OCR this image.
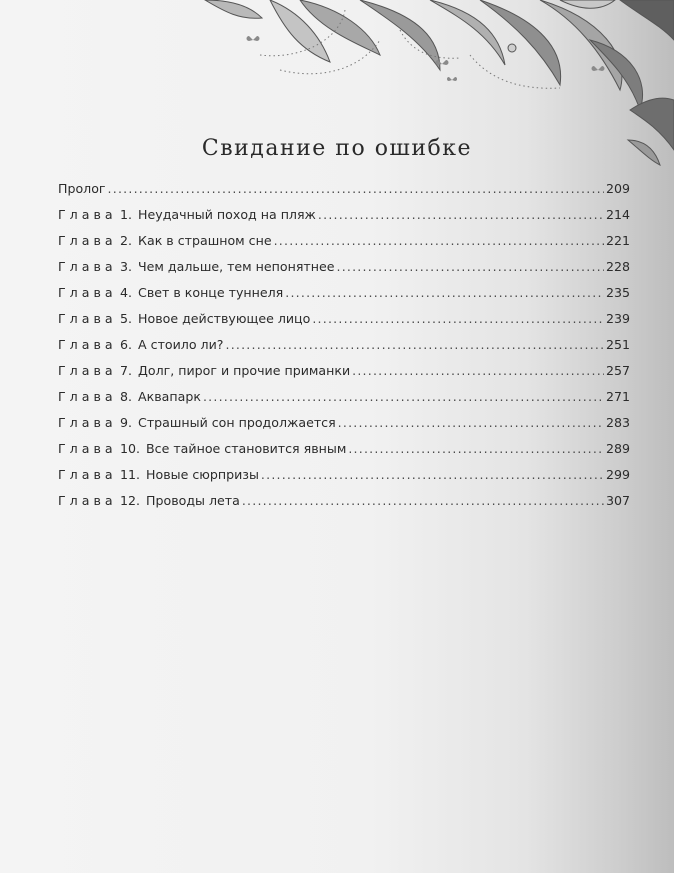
Свидание по ошибке
Пролог .....	209
Глава 1. Неудачный поход на пляж .....	214
Глава 2. Как в страшном сне .....	221
Глава 3. Чем дальше, тем непонятнее .....	228
Глава 4. Свет в конце туннеля .....	235
Глава 5. Новое действующее лицо .....	239
Глава 6. А стоило ли? .....	251
Глава 7. Долг, пирог и прочие приманки .....	257
Глава 8. Аквапарк .....	271
Глава 9. Страшный сон продолжается .....	283
Глава 10. Все тайное становится явным .....	289
Глава 11. Новые сюрпризы .....	299
Глава 12. Проводы лета .....	307
